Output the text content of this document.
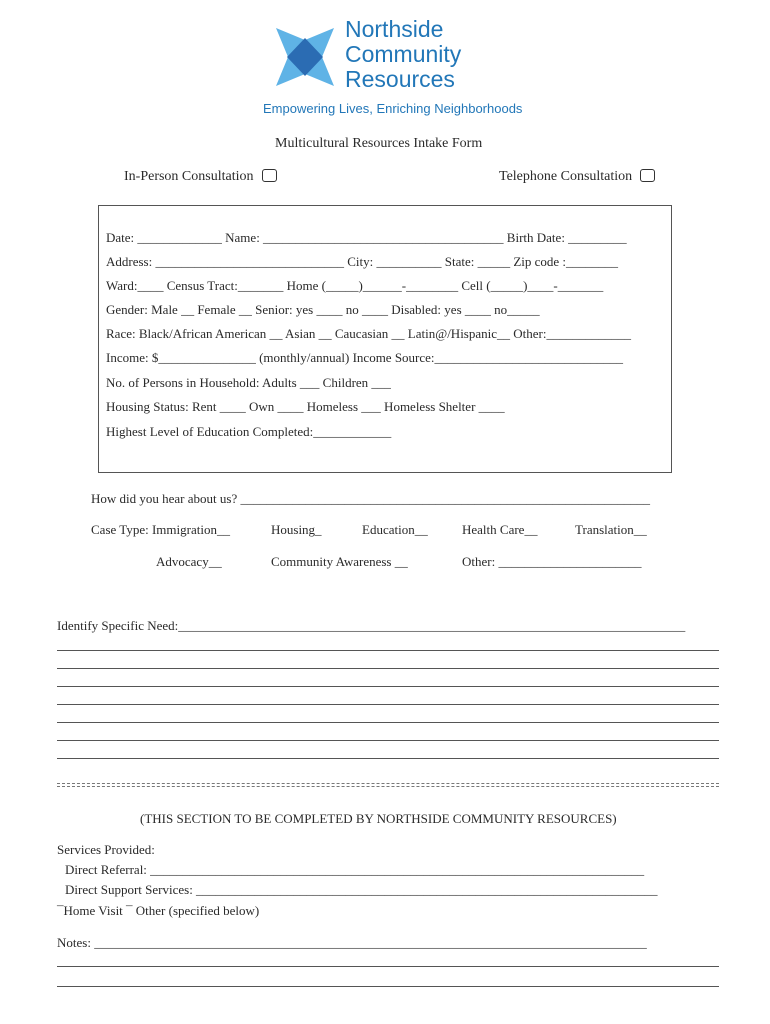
Northside
Community
Resources
Empowering Lives, Enriching Neighborhoods
Multicultural Resources Intake Form
In-Person Consultation	Telephone Consultation
Date: _____________ Name: _____________________________________ Birth Date: _________
Address: _____________________________ City: __________ State: _____ Zip code :________
Ward:____ Census Tract:_______ Home (_____)______-________ Cell (_____)____-_______
Gender: Male __ Female __ Senior: yes ____ no ____ Disabled: yes ____ no_____
Race: Black/African American __ Asian __ Caucasian __ Latin@/Hispanic__ Other:_____________
Income: $_______________ (monthly/annual) Income Source:_____________________________
No. of Persons in Household: Adults ___ Children ___
Housing Status: Rent ____ Own ____ Homeless ___ Homeless Shelter ____
Highest Level of Education Completed:____________
How did you hear about us? _______________________________________________________________
Case Type: Immigration__	Housing_	Education__	Health Care__	Translation__
Advocacy__	Community Awareness __	Other: ______________________
Identify Specific Need:______________________________________________________________________________
(THIS SECTION TO BE COMPLETED BY NORTHSIDE COMMUNITY RESOURCES)
Services Provided:
Direct Referral: ____________________________________________________________________________
Direct Support Services: _______________________________________________________________________
¯Home Visit ¯ Other (specified below)
Notes: _____________________________________________________________________________________
